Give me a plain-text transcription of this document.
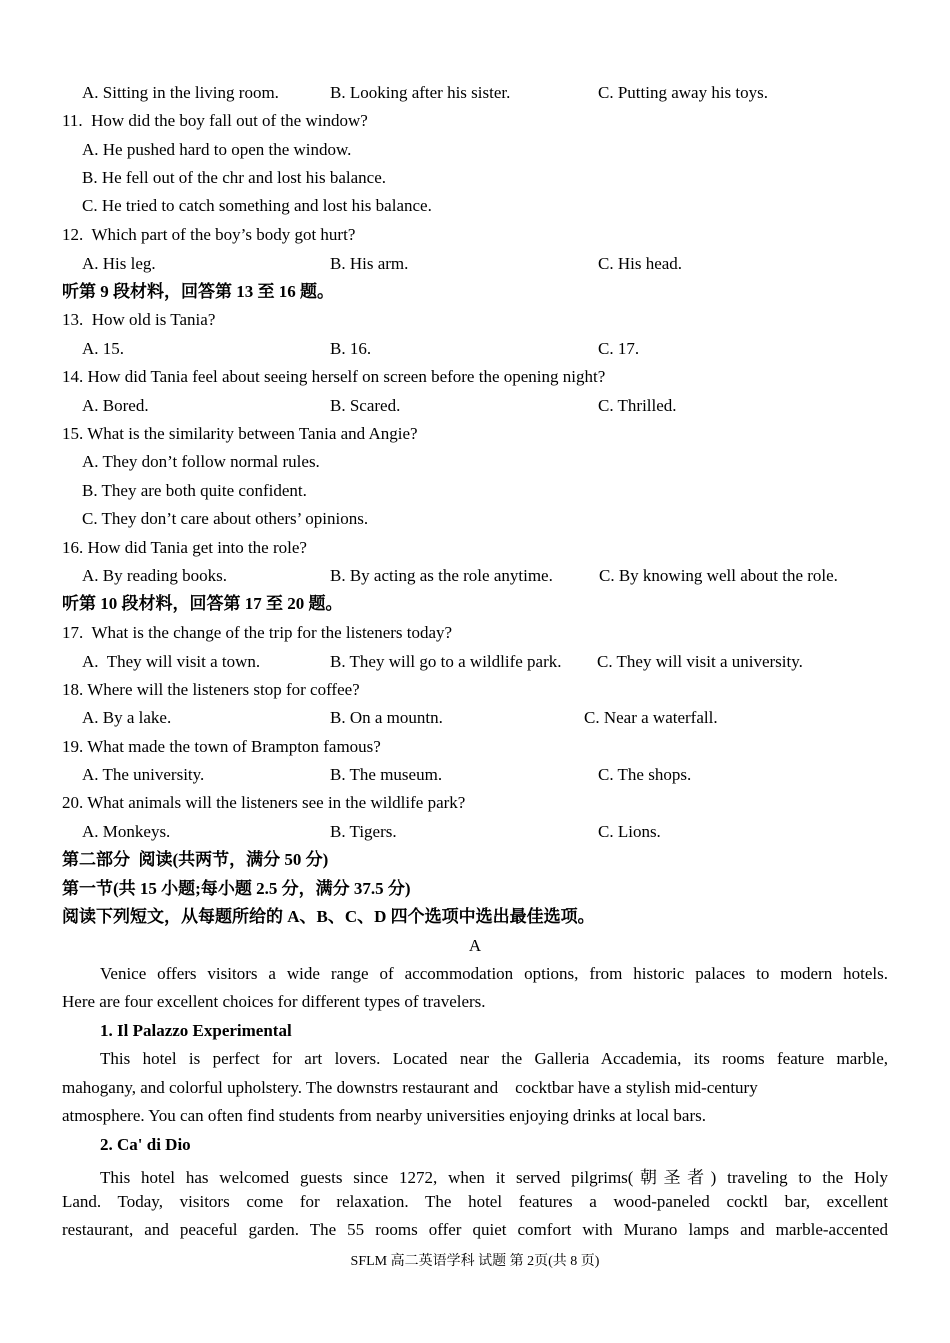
A. Sitting in the living room.	B. Looking after his sister.	C. Putting away his toys.
11.  How did the boy fall out of the window?
A. He pushed hard to open the window.
B. He fell out of the chr and lost his balance.
C. He tried to catch something and lost his balance.
12.  Which part of the boy’s body got hurt?
A. His leg.	B. His arm.	C. His head.
听第 9 段材料，回答第 13 至 16 题。
13.  How old is Tania?
A. 15.	B. 16.	C. 17.
14. How did Tania feel about seeing herself on screen before the opening night?
A. Bored.	B. Scared.	C. Thrilled.
15. What is the similarity between Tania and Angie?
A. They don’t follow normal rules.
B. They are both quite confident.
C. They don’t care about others’ opinions.
16. How did Tania get into the role?
A. By reading books.	B. By acting as the role anytime.	C. By knowing well about the role.
听第 10 段材料，回答第 17 至 20 题。
17.  What is the change of the trip for the listeners today?
A.  They will visit a town.	B. They will go to a wildlife park. C. They will visit a university.
18. Where will the listeners stop for coffee?
A. By a lake.	B. On a mountn.	C. Near a waterfall.
19. What made the town of Brampton famous?
A. The university.	B. The museum.	C. The shops.
20. What animals will the listeners see in the wildlife park?
A. Monkeys.	B. Tigers.	C. Lions.
第二部分  阅读(共两节，满分 50 分)
第一节(共 15 小题;每小题 2.5 分，满分 37.5 分)
阅读下列短文，从每题所给的 A、B、C、D 四个选项中选出最佳选项。
A
Venice offers visitors a wide range of accommodation options, from historic palaces to modern hotels.
Here are four excellent choices for different types of travelers.
1. Il Palazzo Experimental
This hotel is perfect for art lovers. Located near the Galleria Accademia, its rooms feature marble,
mahogany, and colorful upholstery. The downstrs restaurant and    cocktbar have a stylish mid-century
atmosphere. You can often find students from nearby universities enjoying drinks at local bars.
2. Ca' di Dio
This hotel has welcomed guests since 1272, when it served pilgrims(朝圣者) traveling to the Holy
Land. Today, visitors come for relaxation. The hotel features a wood-paneled cocktl bar, excellent
restaurant, and peaceful garden. The 55 rooms offer quiet comfort with Murano lamps and marble-accented
SFLM 高二英语学科 试题 第 2页(共 8 页)
